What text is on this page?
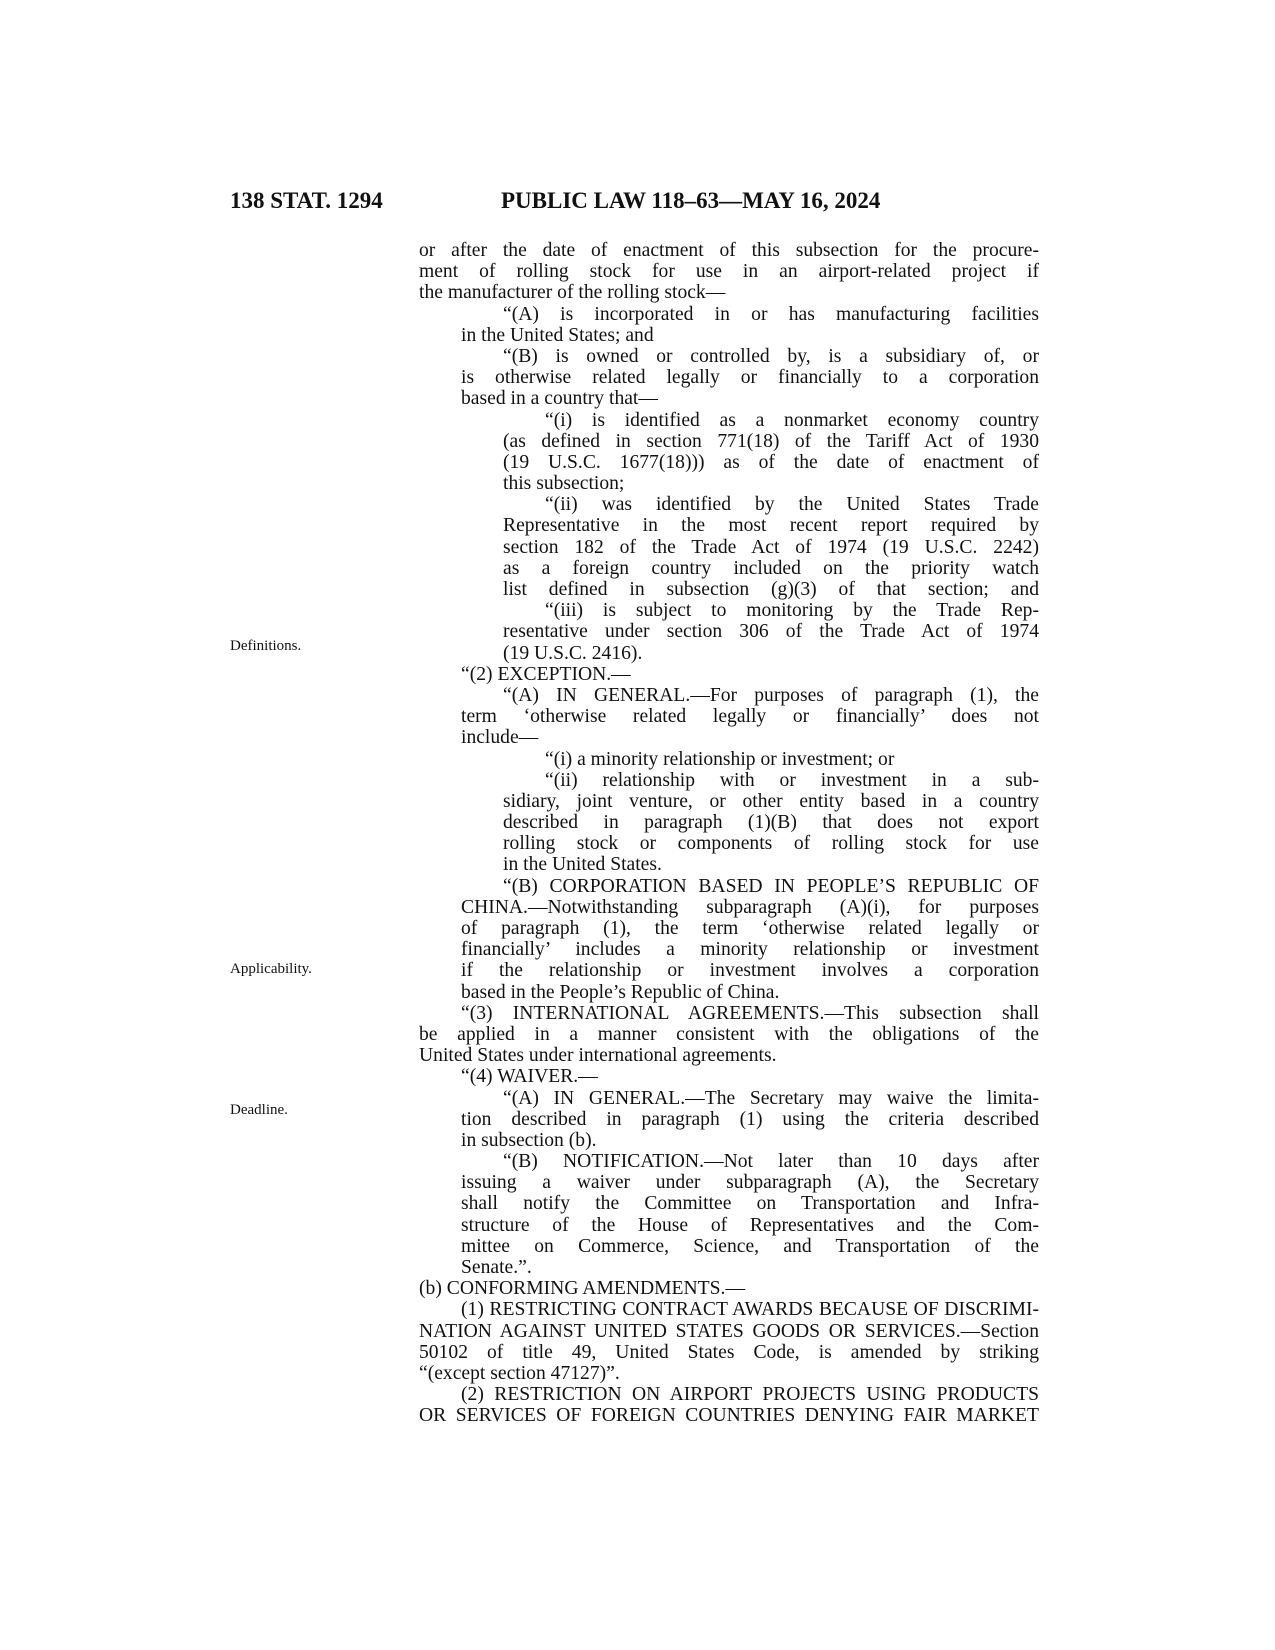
138 STAT. 1294	PUBLIC LAW 118–63—MAY 16, 2024
Definitions.
Applicability.
Deadline.
or after the date of enactment of this subsection for the procure-
ment of rolling stock for use in an airport-related project if
the manufacturer of the rolling stock—
“(A) is incorporated in or has manufacturing facilities
in the United States; and
“(B) is owned or controlled by, is a subsidiary of, or
is otherwise related legally or financially to a corporation
based in a country that—
“(i) is identified as a nonmarket economy country
(as defined in section 771(18) of the Tariff Act of 1930
(19 U.S.C. 1677(18))) as of the date of enactment of
this subsection;
“(ii) was identified by the United States Trade
Representative in the most recent report required by
section 182 of the Trade Act of 1974 (19 U.S.C. 2242)
as a foreign country included on the priority watch
list defined in subsection (g)(3) of that section; and
“(iii) is subject to monitoring by the Trade Rep-
resentative under section 306 of the Trade Act of 1974
(19 U.S.C. 2416).
“(2) EXCEPTION.—
“(A) IN GENERAL.—For purposes of paragraph (1), the
term ‘otherwise related legally or financially’ does not
include—
“(i) a minority relationship or investment; or
“(ii) relationship with or investment in a sub-
sidiary, joint venture, or other entity based in a country
described in paragraph (1)(B) that does not export
rolling stock or components of rolling stock for use
in the United States.
“(B) CORPORATION BASED IN PEOPLE’S REPUBLIC OF
CHINA.—Notwithstanding subparagraph (A)(i), for purposes
of paragraph (1), the term ‘otherwise related legally or
financially’ includes a minority relationship or investment
if the relationship or investment involves a corporation
based in the People’s Republic of China.
“(3) INTERNATIONAL AGREEMENTS.—This subsection shall
be applied in a manner consistent with the obligations of the
United States under international agreements.
“(4) WAIVER.—
“(A) IN GENERAL.—The Secretary may waive the limita-
tion described in paragraph (1) using the criteria described
in subsection (b).
“(B) NOTIFICATION.—Not later than 10 days after
issuing a waiver under subparagraph (A), the Secretary
shall notify the Committee on Transportation and Infra-
structure of the House of Representatives and the Com-
mittee on Commerce, Science, and Transportation of the
Senate.”.
(b) CONFORMING AMENDMENTS.—
(1) RESTRICTING CONTRACT AWARDS BECAUSE OF DISCRIMI-
NATION AGAINST UNITED STATES GOODS OR SERVICES.—Section
50102 of title 49, United States Code, is amended by striking
“(except section 47127)”.
(2) RESTRICTION ON AIRPORT PROJECTS USING PRODUCTS
OR SERVICES OF FOREIGN COUNTRIES DENYING FAIR MARKET
